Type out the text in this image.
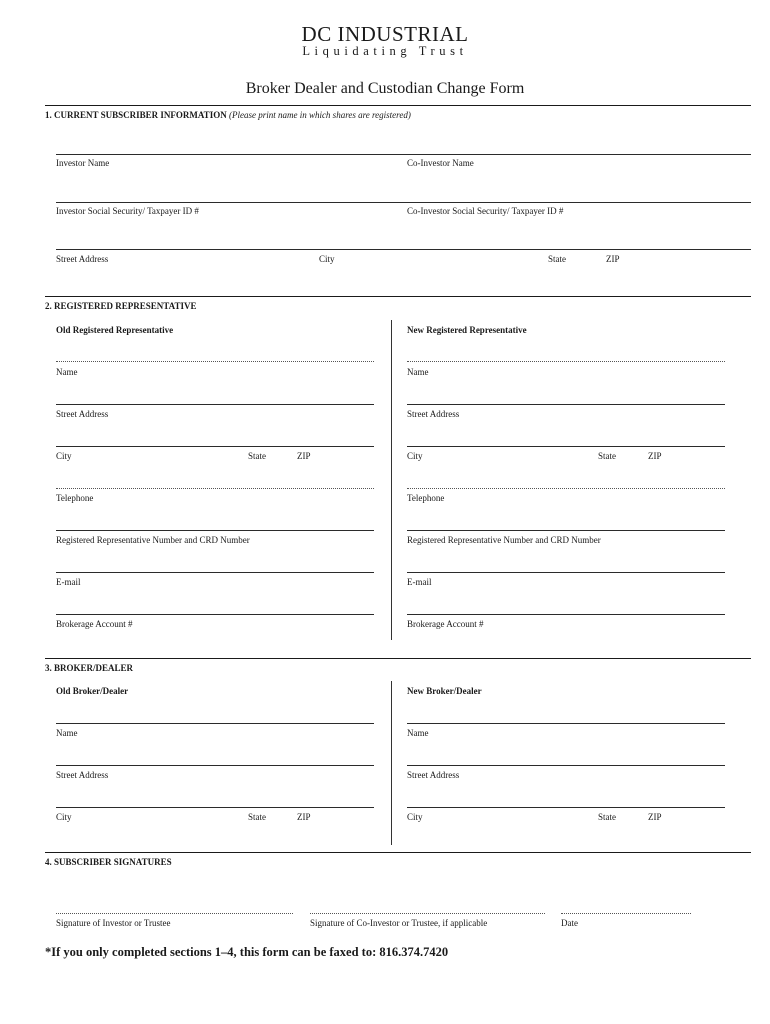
DC INDUSTRIAL
Liquidating Trust
Broker Dealer and Custodian Change Form
1. CURRENT SUBSCRIBER INFORMATION (Please print name in which shares are registered)
Investor Name	Co-Investor Name
Investor Social Security/ Taxpayer ID #	Co-Investor Social Security/ Taxpayer ID #
Street Address	City	State	ZIP
2. REGISTERED REPRESENTATIVE
Old Registered Representative	New Registered Representative
Name	Name
Street Address	Street Address
City	State	ZIP	City	State	ZIP
Telephone	Telephone
Registered Representative Number and CRD Number	Registered Representative Number and CRD Number
E-mail	E-mail
Brokerage Account #	Brokerage Account #
3. BROKER/DEALER
Old Broker/Dealer	New Broker/Dealer
Name	Name
Street Address	Street Address
City	State	ZIP	City	State	ZIP
4. SUBSCRIBER SIGNATURES
Signature of Investor or Trustee	Signature of Co-Investor or Trustee, if applicable	Date
*If you only completed sections 1–4, this form can be faxed to: 816.374.7420
